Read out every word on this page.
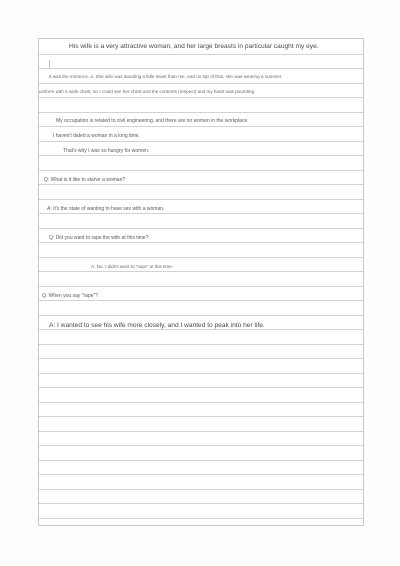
His wife is a very attractive woman, and her large breasts in particular caught my eye.
It was the entrance, a. She wife was standing a little lower than me, and on top of that, she was wearing a summer
uniform with a wide chest, so I could see her chest and the contents (respect) and my heart was pounding.
My occupation is related to civil engineering, and there are no women in the workplace.
I haven't dated a woman in a long time.
That's why I was so hungry for women.
Q: What is it like to starve a woman?
A: It's the state of wanting to have sex with a woman.
Q: Did you want to rape the wife at this time?
A: No. I didn't want to "rape" at this time.
Q: When you say "rape"?
A: I wanted to see his wife more closely, and I wanted to peak into her life.
